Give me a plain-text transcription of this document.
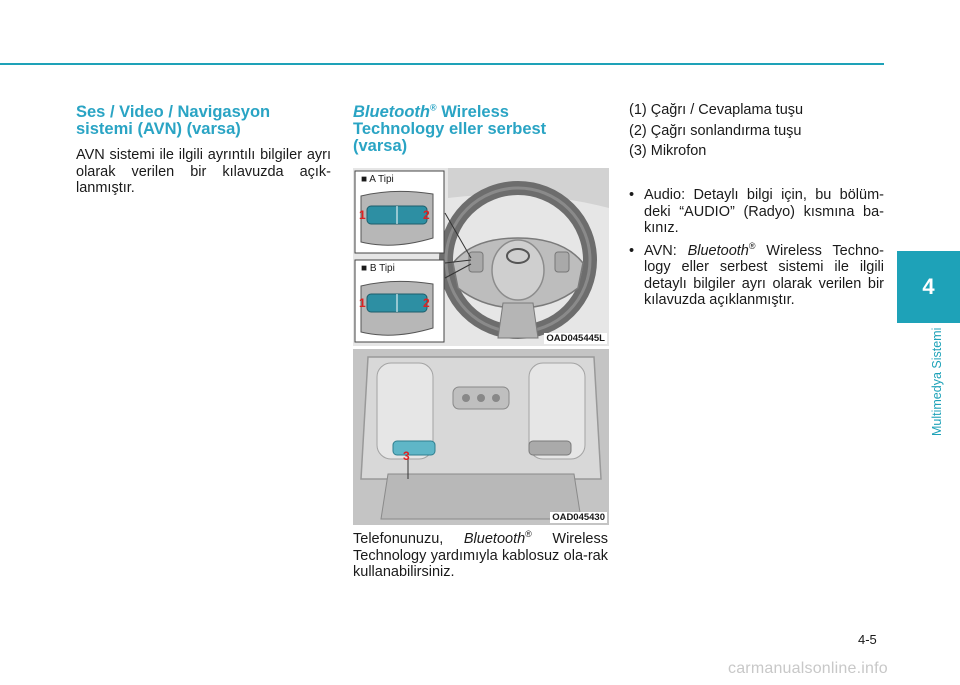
Ses / Video / Navigasyon
sistemi (AVN) (varsa)

AVN sistemi ile ilgili ayrıntılı bilgiler ayrı olarak verilen bir kılavuzda açık-lanmıştır.

Bluetooth® Wireless
Technology eller serbest
(varsa)
■ A Tipi
■ B Tipi
1	2
1	2
OAD045445L
3
OAD045430

Telefonunuzu, Bluetooth® Wireless Technology yardımıyla kablosuz ola-rak kullanabilirsiniz.

(1) Çağrı / Cevaplama tuşu
(2) Çağrı sonlandırma tuşu
(3) Mikrofon
• Audio: Detaylı bilgi için, bu bölüm-deki “AUDIO” (Radyo) kısmına ba-kınız.
• AVN: Bluetooth® Wireless Techno-logy eller serbest sistemi ile ilgili detaylı bilgiler ayrı olarak verilen bir kılavuzda açıklanmıştır.
4
Multimedya Sistemi
4-5
carmanualsonline.info
